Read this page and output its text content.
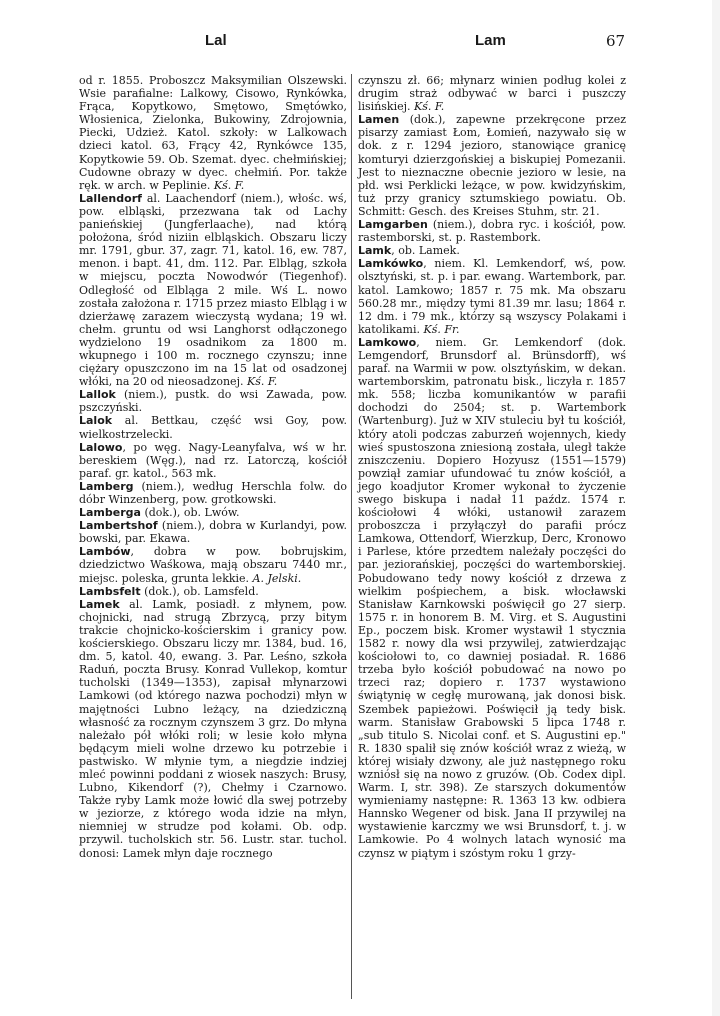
Lal	Lam	67

od r. 1855. Proboszcz Maksymilian Olszewski. Wsie parafialne: Lalkowy, Cisowo, Rynkówka, Frąca, Kopytkowo, Smętowo, Smętówko, Włosienica, Zielonka, Bukowiny, Zdrojownia, Piecki, Udzież. Katol. szkoły: w Lalkowach dzieci katol. 63, Frący 42, Rynkówce 135, Kopytkowie 59. Ob. Szemat. dyec. chełmińskiej; Cudowne obrazy w dyec. chełmiń. Por. także ręk. w arch. w Peplinie. Kś. F.

Lallendorf al. Laachendorf (niem.), włośc. wś, pow. elbląski, przezwana tak od Lachy panieńskiej (Jungferlaache), nad którą położona, śród niziin elbląskich. Obszaru liczy mr. 1791, gbur. 37, zagr. 71, katol. 16, ew. 787, menon. i bapt. 41, dm. 112. Par. Elbląg, szkoła w miejscu, poczta Nowodwór (Tiegenhof). Odległość od Elbląga 2 mile. Wś L. nowo została założona r. 1715 przez miasto Elbląg i w dzierżawę zarazem wieczystą wydana; 19 wł. chełm. gruntu od wsi Langhorst odłączonego wydzielono 19 osadnikom za 1800 m. wkupnego i 100 m. rocznego czynszu; inne ciężary opuszczono im na 15 lat od osadzonej włóki, na 20 od nieosadzonej. Kś. F.

Lallok (niem.), pustk. do wsi Zawada, pow. pszczyński.

Lalok al. Bettkau, część wsi Goy, pow. wielkostrzelecki.

Lalowo, po węg. Nagy-Leanyfalva, wś w hr. bereskiem (Węg.), nad rz. Latorczą, kościół paraf. gr. katol., 563 mk.

Lamberg (niem.), według Herschla folw. do dóbr Winzenberg, pow. grotkowski.

Lamberga (dok.), ob. Lwów.

Lambertshof (niem.), dobra w Kurlandyi, pow. bowski, par. Ekawa.

Lambów, dobra w pow. bobrujskim, dziedzictwo Waśkowa, mają obszaru 7440 mr., miejsc. poleska, grunta lekkie. A. Jelski.

Lambsfelt (dok.), ob. Lamsfeld.

Lamek al. Lamk, posiadł. z młynem, pow. chojnicki, nad strugą Zbrzycą, przy bitym trakcie chojnicko-kościerskim i granicy pow. kościerskiego. Obszaru liczy mr. 1384, bud. 16, dm. 5, katol. 40, ewang. 3. Par. Leśno, szkoła Raduń, poczta Brusy. Konrad Vullekop, komtur tucholski (1349—1353), zapisał młynarzowi Lamkowi (od którego nazwa pochodzi) młyn w majętności Lubno leżący, na dziedziczną własność za rocznym czynszem 3 grz. Do młyna należało pół włóki roli; w lesie koło młyna będącym mieli wolne drzewo ku potrzebie i pastwisko. W młynie tym, a niegdzie indziej mleć powinni poddani z wiosek naszych: Brusy, Lubno, Kikendorf (?), Chełmy i Czarnowo. Także ryby Lamk może łowić dla swej potrzeby w jeziorze, z którego woda idzie na młyn, niemniej w strudze pod kołami. Ob. odp. przywil. tucholskich str. 56. Lustr. star. tuchol. donosi: Lamek młyn daje rocznego

czynszu zł. 66; młynarz winien podług kolei z drugim straż odbywać w barci i puszczy lisińskiej. Kś. F.

Lamen (dok.), zapewne przekręcone przez pisarzy zamiast Łom, Łomień, nazywało się w dok. z r. 1294 jezioro, stanowiące granicę komturyi dzierzgońskiej a biskupiej Pomezanii. Jest to nieznaczne obecnie jezioro w lesie, na płd. wsi Perklicki leżące, w pow. kwidzyńskim, tuż przy granicy sztumskiego powiatu. Ob. Schmitt: Gesch. des Kreises Stuhm, str. 21.

Lamgarben (niem.), dobra ryc. i kościół, pow. rastemborski, st. p. Rastembork.

Lamk, ob. Lamek.

Lamkówko, niem. Kl. Lemkendorf, wś, pow. olsztyński, st. p. i par. ewang. Wartembork, par. katol. Lamkowo; 1857 r. 75 mk. Ma obszaru 560.28 mr., między tymi 81.39 mr. lasu; 1864 r. 12 dm. i 79 mk., którzy są wszyscy Polakami i katolikami. Kś. Fr.

Lamkowo, niem. Gr. Lemkendorf (dok. Lemgendorf, Brunsdorf al. Brünsdorff), wś paraf. na Warmii w pow. olsztyńskim, w dekan. wartemborskim, patronatu bisk., liczyła r. 1857 mk. 558; liczba komunikantów w parafii dochodzi do 2504; st. p. Wartembork (Wartenburg). Już w XIV stuleciu był tu kościół, który atoli podczas zaburzeń wojennych, kiedy wieś spustoszona zniesioną została, uległ także zniszczeniu. Dopiero Hozyusz (1551—1579) powziął zamiar ufundować tu znów kościół, a jego koadjutor Kromer wykonał to życzenie swego biskupa i nadał 11 paźdz. 1574 r. kościołowi 4 włóki, ustanowił zarazem proboszcza i przyłączył do parafii prócz Lamkowa, Ottendorf, Wierzkup, Derc, Kronowo i Parlese, które przedtem należały poczęści do par. jeziorańskiej, poczęści do wartemborskiej. Pobudowano tedy nowy kościół z drzewa z wielkim pośpiechem, a bisk. włocławski Stanisław Karnkowski poświęcił go 27 sierp. 1575 r. in honorem B. M. Virg. et S. Augustini Ep., poczem bisk. Kromer wystawił 1 stycznia 1582 r. nowy dla wsi przywilej, zatwierdzając kościołowi to, co dawniej posiadał. R. 1686 trzeba było kościół pobudować na nowo po trzeci raz; dopiero r. 1737 wystawiono świątynię w cegłę murowaną, jak donosi bisk. Szembek papieżowi. Poświęcił ją tedy bisk. warm. Stanisław Grabowski 5 lipca 1748 r. „sub titulo S. Nicolai conf. et S. Augustini ep." R. 1830 spalił się znów kościół wraz z wieżą, w której wisiały dzwony, ale już następnego roku wzniósł się na nowo z gruzów. (Ob. Codex dipl. Warm. I, str. 398). Ze starszych dokumentów wymieniamy następne: R. 1363 13 kw. odbiera Hannsko Wegener od bisk. Jana II przywilej na wystawienie karczmy we wsi Brunsdorf, t. j. w Lamkowie. Po 4 wolnych latach wynosić ma czynsz w piątym i szóstym roku 1 grzy-
